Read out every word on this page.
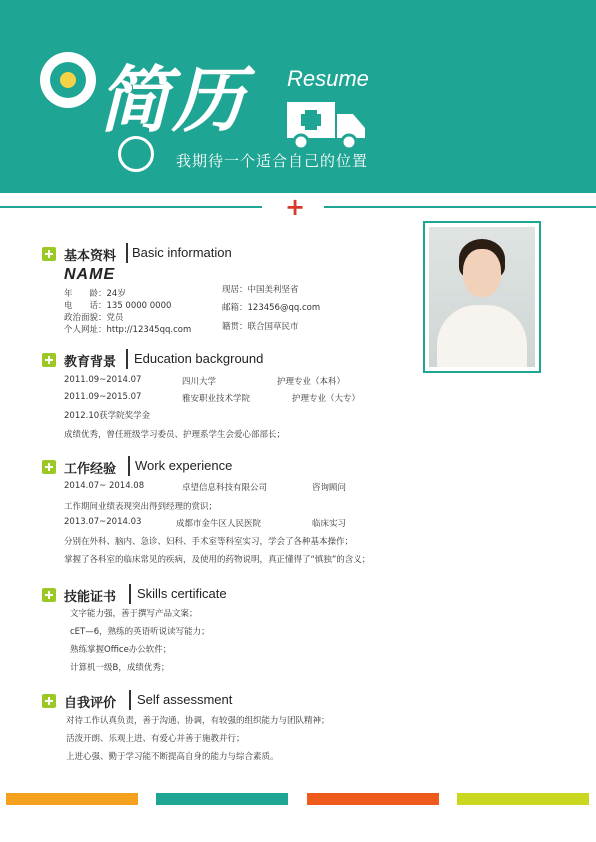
简历 Resume
我期待一个适合自己的位置
+
基本资料 Basic information
NAME
年　　龄：24岁
电　　话：135 0000 0000
政治面貌：党员
个人网址：http://12345qq.com
现居：中国美利坚省
邮箱：123456@qq.com
籍贯：联合国草民市
教育背景 Education background
2011.09~2014.07	四川大学	护理专业（本科）
2011.09~2015.07	雅安职业技术学院	护理专业（大专）
2012.10获学院奖学金
成绩优秀，曾任班级学习委员、护理系学生会爱心部部长；
工作经验 Work experience
2014.07~ 2014.08	卓望信息科技有限公司	咨询顾问
工作期间业绩表现突出得到经理的赏识；
2013.07~2014.03	成都市金牛区人民医院	临床实习
分别在外科、脑内、急诊、妇科、手术室等科室实习，学会了各种基本操作；
掌握了各科室的临床常见的疾病，及使用的药物说明，真正懂得了“慎独”的含义；
技能证书 Skills certificate
文字能力强，善于撰写产品文案；
cET—6，熟练的英语听说读写能力；
熟练掌握Office办公软件；
计算机一级B，成绩优秀；
自我评价 Self assessment
对待工作认真负责，善于沟通、协调，有较强的组织能力与团队精神；
活泼开朗、乐观上进、有爱心并善于施教并行；
上进心强、勤于学习能不断提高自身的能力与综合素质。
